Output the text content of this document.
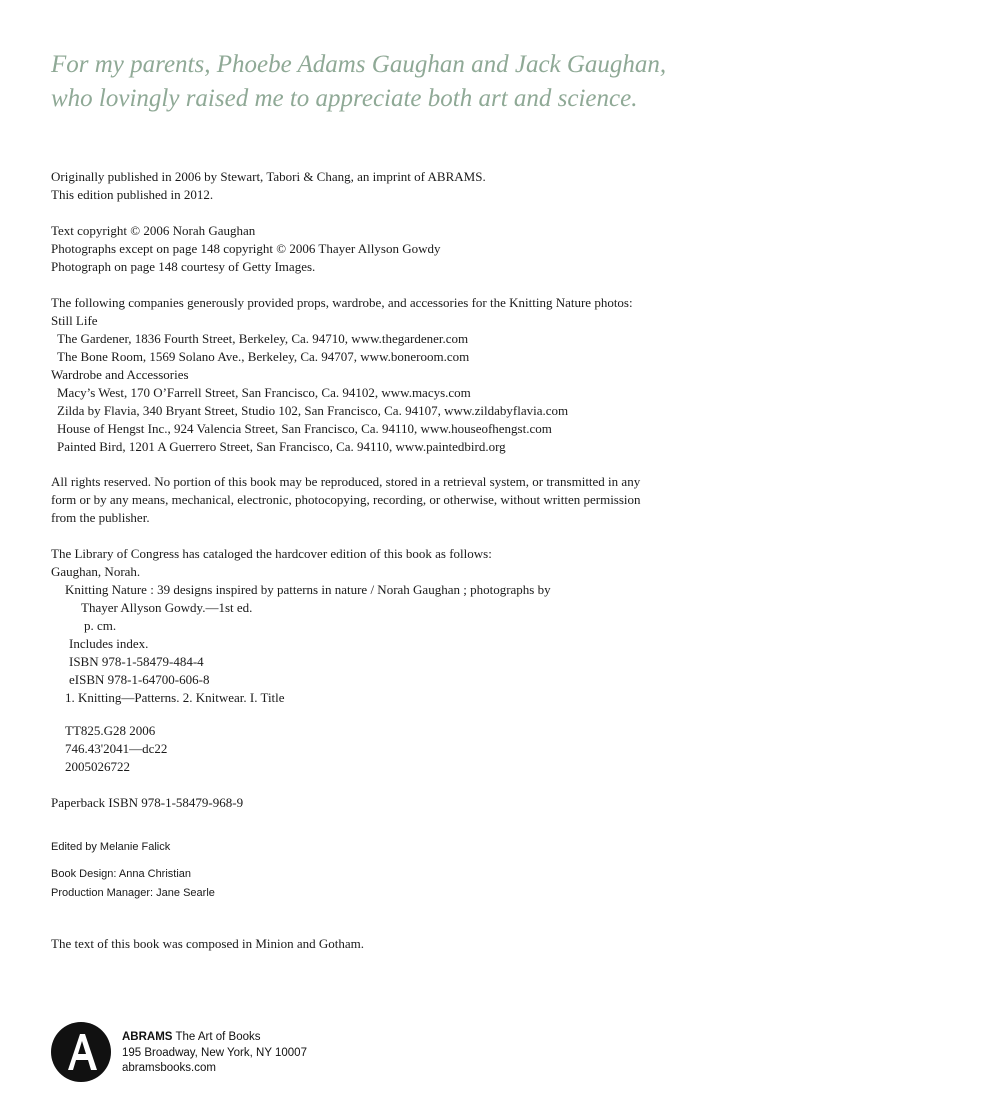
For my parents, Phoebe Adams Gaughan and Jack Gaughan,
who lovingly raised me to appreciate both art and science.

Originally published in 2006 by Stewart, Tabori & Chang, an imprint of ABRAMS.
This edition published in 2012.

Text copyright © 2006 Norah Gaughan
Photographs except on page 148 copyright © 2006 Thayer Allyson Gowdy
Photograph on page 148 courtesy of Getty Images.

The following companies generously provided props, wardrobe, and accessories for the Knitting Nature photos:
Still Life
The Gardener, 1836 Fourth Street, Berkeley, Ca. 94710, www.thegardener.com
The Bone Room, 1569 Solano Ave., Berkeley, Ca. 94707, www.boneroom.com
Wardrobe and Accessories
Macy’s West, 170 O’Farrell Street, San Francisco, Ca. 94102, www.macys.com
Zilda by Flavia, 340 Bryant Street, Studio 102, San Francisco, Ca. 94107, www.zildabyflavia.com
House of Hengst Inc., 924 Valencia Street, San Francisco, Ca. 94110, www.houseofhengst.com
Painted Bird, 1201 A Guerrero Street, San Francisco, Ca. 94110, www.paintedbird.org

All rights reserved. No portion of this book may be reproduced, stored in a retrieval system, or transmitted in any
form or by any means, mechanical, electronic, photocopying, recording, or otherwise, without written permission
from the publisher.

The Library of Congress has cataloged the hardcover edition of this book as follows:
Gaughan, Norah.
Knitting Nature : 39 designs inspired by patterns in nature / Norah Gaughan ; photographs by
Thayer Allyson Gowdy.—1st ed.
p. cm.
Includes index.
ISBN 978-1-58479-484-4
eISBN 978-1-64700-606-8
1. Knitting—Patterns. 2. Knitwear. I. Title

TT825.G28 2006
746.43'2041—dc22
2005026722

Paperback ISBN 978-1-58479-968-9

Edited by Melanie Falick

Book Design: Anna Christian
Production Manager: Jane Searle

The text of this book was composed in Minion and Gotham.

ABRAMS The Art of Books
195 Broadway, New York, NY 10007
abramsbooks.com
